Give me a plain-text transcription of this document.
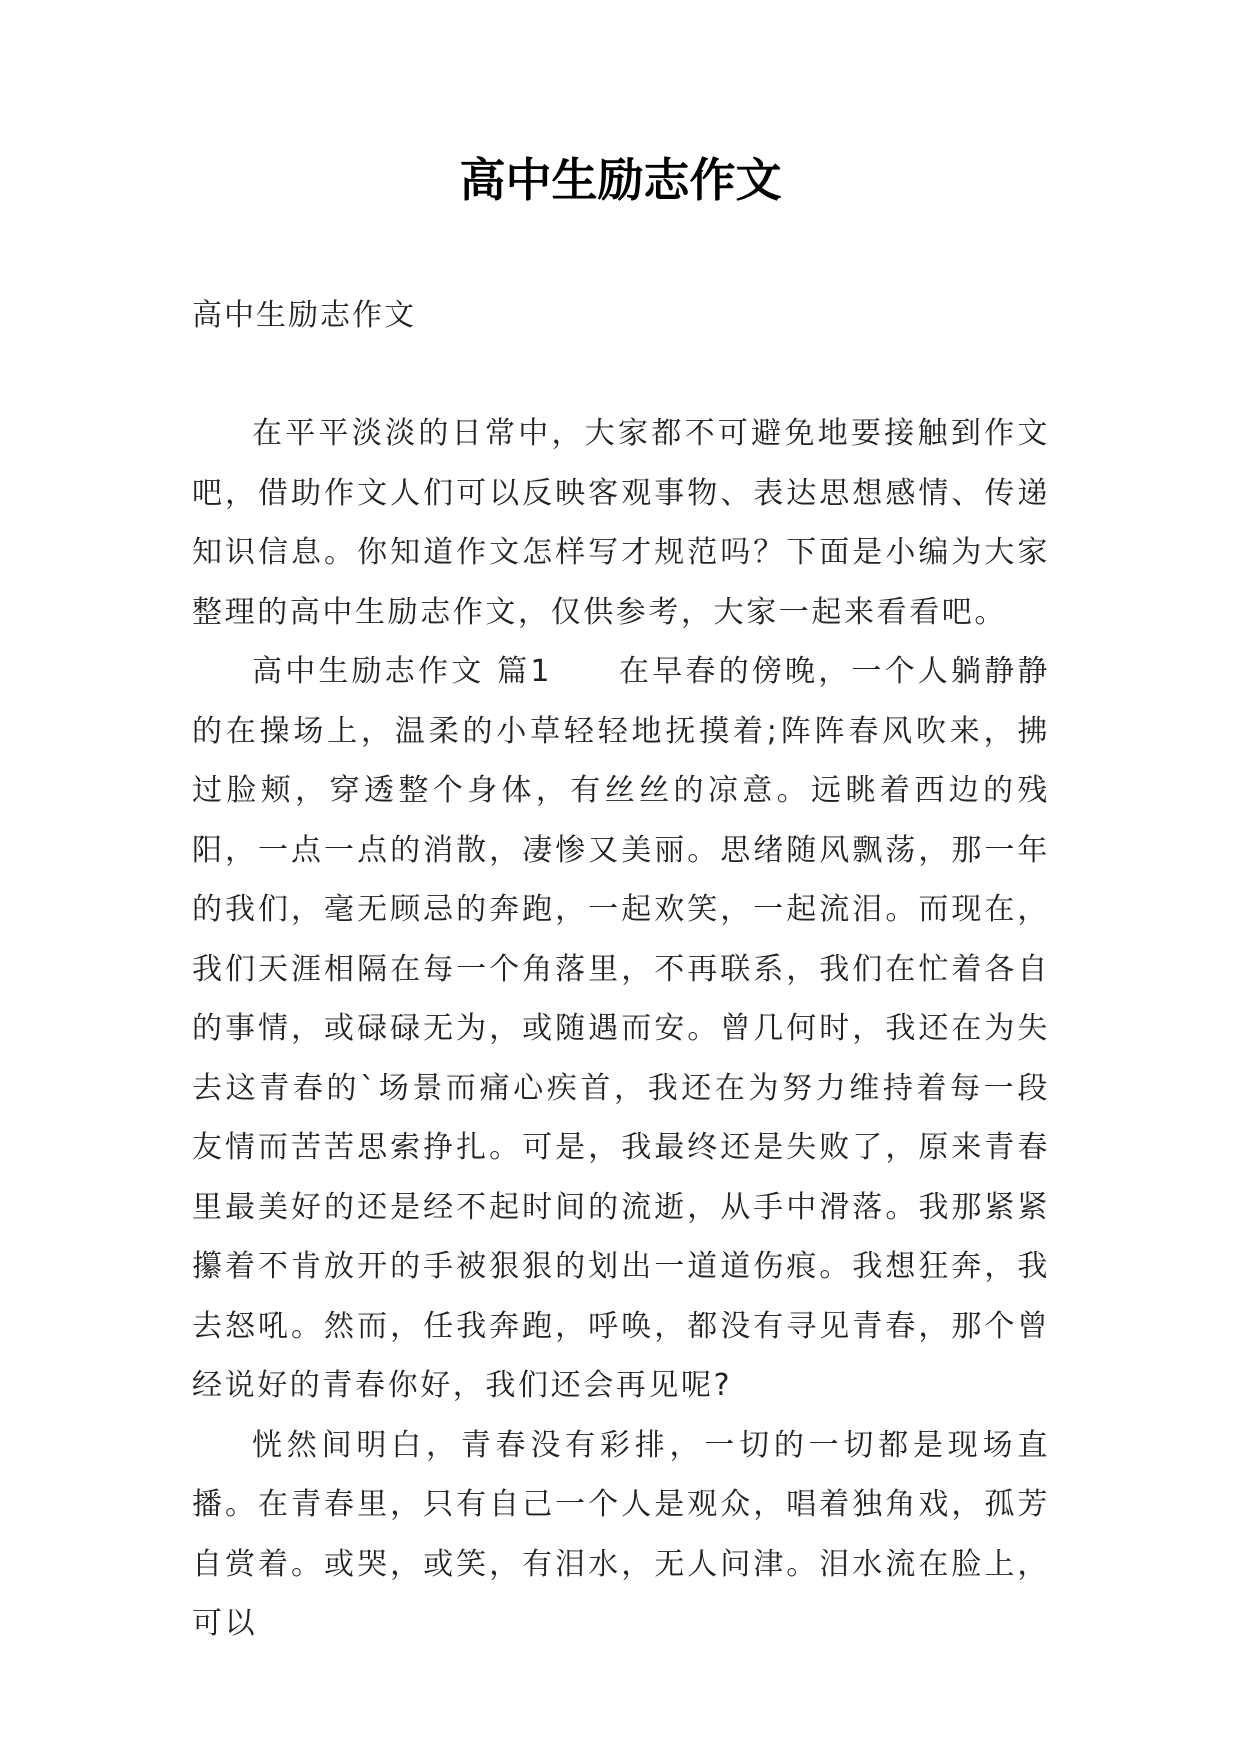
高中生励志作文
高中生励志作文

在平平淡淡的日常中，大家都不可避免地要接触到作文吧，借助作文人们可以反映客观事物、表达思想感情、传递知识信息。你知道作文怎样写才规范吗？下面是小编为大家整理的高中生励志作文，仅供参考，大家一起来看看吧。

高中生励志作文 篇1　　在早春的傍晚，一个人躺静静的在操场上，温柔的小草轻轻地抚摸着;阵阵春风吹来，拂过脸颊，穿透整个身体，有丝丝的凉意。远眺着西边的残阳，一点一点的消散，凄惨又美丽。思绪随风飘荡，那一年的我们，毫无顾忌的奔跑，一起欢笑，一起流泪。而现在，我们天涯相隔在每一个角落里，不再联系，我们在忙着各自的事情，或碌碌无为，或随遇而安。曾几何时，我还在为失去这青春的`场景而痛心疾首，我还在为努力维持着每一段友情而苦苦思索挣扎。可是，我最终还是失败了，原来青春里最美好的还是经不起时间的流逝，从手中滑落。我那紧紧攥着不肯放开的手被狠狠的划出一道道伤痕。我想狂奔，我去怒吼。然而，任我奔跑，呼唤，都没有寻见青春，那个曾经说好的青春你好，我们还会再见呢?

恍然间明白，青春没有彩排，一切的一切都是现场直播。在青春里，只有自己一个人是观众，唱着独角戏，孤芳自赏着。或哭，或笑，有泪水，无人问津。泪水流在脸上，可以
